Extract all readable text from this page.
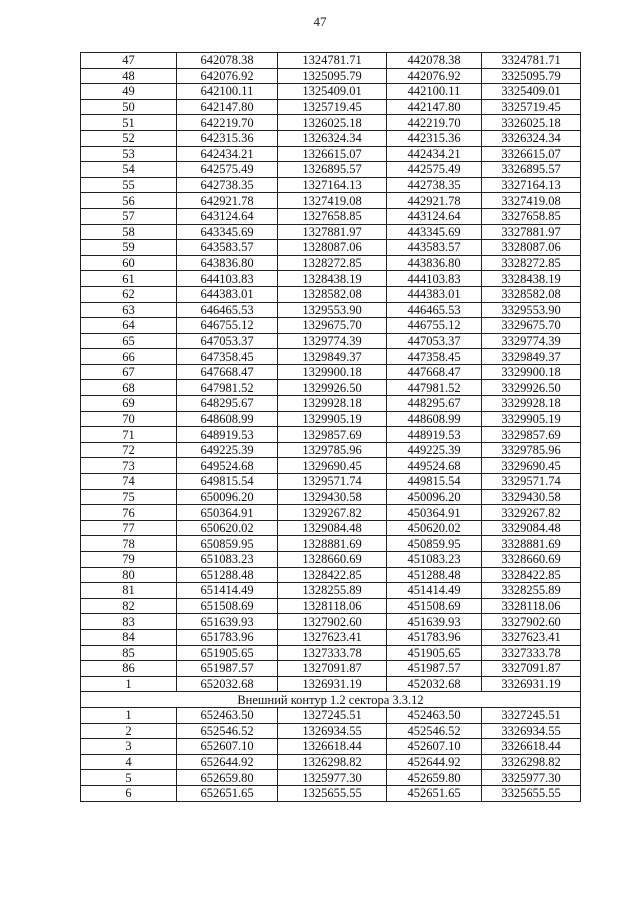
47
47	642078.38	1324781.71	442078.38	3324781.71
48	642076.92	1325095.79	442076.92	3325095.79
49	642100.11	1325409.01	442100.11	3325409.01
50	642147.80	1325719.45	442147.80	3325719.45
51	642219.70	1326025.18	442219.70	3326025.18
52	642315.36	1326324.34	442315.36	3326324.34
53	642434.21	1326615.07	442434.21	3326615.07
54	642575.49	1326895.57	442575.49	3326895.57
55	642738.35	1327164.13	442738.35	3327164.13
56	642921.78	1327419.08	442921.78	3327419.08
57	643124.64	1327658.85	443124.64	3327658.85
58	643345.69	1327881.97	443345.69	3327881.97
59	643583.57	1328087.06	443583.57	3328087.06
60	643836.80	1328272.85	443836.80	3328272.85
61	644103.83	1328438.19	444103.83	3328438.19
62	644383.01	1328582.08	444383.01	3328582.08
63	646465.53	1329553.90	446465.53	3329553.90
64	646755.12	1329675.70	446755.12	3329675.70
65	647053.37	1329774.39	447053.37	3329774.39
66	647358.45	1329849.37	447358.45	3329849.37
67	647668.47	1329900.18	447668.47	3329900.18
68	647981.52	1329926.50	447981.52	3329926.50
69	648295.67	1329928.18	448295.67	3329928.18
70	648608.99	1329905.19	448608.99	3329905.19
71	648919.53	1329857.69	448919.53	3329857.69
72	649225.39	1329785.96	449225.39	3329785.96
73	649524.68	1329690.45	449524.68	3329690.45
74	649815.54	1329571.74	449815.54	3329571.74
75	650096.20	1329430.58	450096.20	3329430.58
76	650364.91	1329267.82	450364.91	3329267.82
77	650620.02	1329084.48	450620.02	3329084.48
78	650859.95	1328881.69	450859.95	3328881.69
79	651083.23	1328660.69	451083.23	3328660.69
80	651288.48	1328422.85	451288.48	3328422.85
81	651414.49	1328255.89	451414.49	3328255.89
82	651508.69	1328118.06	451508.69	3328118.06
83	651639.93	1327902.60	451639.93	3327902.60
84	651783.96	1327623.41	451783.96	3327623.41
85	651905.65	1327333.78	451905.65	3327333.78
86	651987.57	1327091.87	451987.57	3327091.87
1	652032.68	1326931.19	452032.68	3326931.19
Внешний контур 1.2 сектора 3.3.12				
1	652463.50	1327245.51	452463.50	3327245.51
2	652546.52	1326934.55	452546.52	3326934.55
3	652607.10	1326618.44	452607.10	3326618.44
4	652644.92	1326298.82	452644.92	3326298.82
5	652659.80	1325977.30	452659.80	3325977.30
6	652651.65	1325655.55	452651.65	3325655.55
